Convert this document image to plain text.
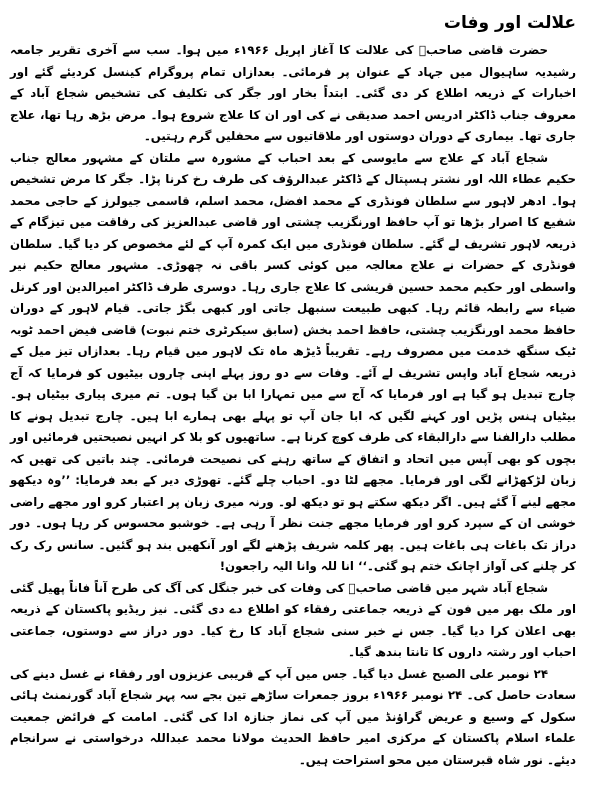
علالت اور وفات

حضرت قاضی صاحبؒ کی علالت کا آغاز اپریل ۱۹۶۶ء میں ہوا۔ سب سے آخری تقریر جامعہ رشیدیہ ساہیوال میں جہاد کے عنوان پر فرمائی۔ بعدازاں تمام پروگرام کینسل کردیئے گئے اور اخبارات کے ذریعہ اطلاع کر دی گئی۔ ابتداً بخار اور جگر کی تکلیف کی تشخیص شجاع آباد کے معروف جناب ڈاکٹر ادریس احمد صدیقی نے کی اور ان کا علاج شروع ہوا۔ مرض بڑھ رہا تھا، علاج جاری تھا۔ بیماری کے دوران دوستوں اور ملاقاتیوں سے محفلیں گرم رہتیں۔

شجاع آباد کے علاج سے مایوسی کے بعد احباب کے مشورہ سے ملتان کے مشہور معالج جناب حکیم عطاء اللہ اور نشتر ہسپتال کے ڈاکٹر عبدالرؤف کی طرف رخ کرنا پڑا۔ جگر کا مرض تشخیص ہوا۔ ادھر لاہور سے سلطان فونڈری کے محمد افضل، محمد اسلم، قاسمی جیولرز کے حاجی محمد شفیع کا اصرار بڑھا تو آپ حافظ اورنگزیب چشتی اور قاضی عبدالعزیز کی رفاقت میں تیزگام کے ذریعہ لاہور تشریف لے گئے۔ سلطان فونڈری میں ایک کمرہ آپ کے لئے مخصوص کر دیا گیا۔ سلطان فونڈری کے حضرات نے علاج معالجہ میں کوئی کسر باقی نہ چھوڑی۔ مشہور معالج حکیم نیر واسطی اور حکیم محمد حسین قریشی کا علاج جاری رہا۔ دوسری طرف ڈاکٹر امیرالدین اور کرنل ضیاء سے رابطہ قائم رہا۔ کبھی طبیعت سنبھل جاتی اور کبھی بگڑ جاتی۔ قیام لاہور کے دوران حافظ محمد اورنگزیب چشتی، حافظ احمد بخش (سابق سیکرٹری ختم نبوت) قاضی فیض احمد ٹوبہ ٹیک سنگھ خدمت میں مصروف رہے۔ تقریباً ڈیڑھ ماہ تک لاہور میں قیام رہا۔ بعدازاں تیز میل کے ذریعہ شجاع آباد واپس تشریف لے آئے۔ وفات سے دو روز پہلے اپنی چاروں بیٹیوں کو فرمایا کہ آج چارج تبدیل ہو گیا ہے اور فرمایا کہ آج سے میں تمہارا ابا بن گیا ہوں۔ تم میری پیاری بیٹیاں ہو۔ بیٹیاں ہنس پڑیں اور کہنے لگیں کہ ابا جان آپ تو پہلے بھی ہمارے ابا ہیں۔ چارج تبدیل ہونے کا مطلب دارالفنا سے دارالبقاء کی طرف کوچ کرنا ہے۔ ساتھیوں کو بلا کر انہیں نصیحتیں فرمائیں اور بچوں کو بھی آپس میں اتحاد و اتفاق کے ساتھ رہنے کی نصیحت فرمائی۔ چند باتیں کی تھیں کہ زبان لڑکھڑانے لگی اور فرمایا۔ مجھے لٹا دو۔ احباب چلے گئے۔ تھوڑی دیر کے بعد فرمایا: ’’وہ دیکھو مجھے لینے آ گئے ہیں۔ اگر دیکھ سکتے ہو تو دیکھ لو۔ ورنہ میری زبان پر اعتبار کرو اور مجھے راضی خوشی ان کے سپرد کرو اور فرمایا مجھے جنت نظر آ رہی ہے۔ خوشبو محسوس کر رہا ہوں۔ دور دراز تک باغات ہی باغات ہیں۔ پھر کلمہ شریف پڑھنے لگے اور آنکھیں بند ہو گئیں۔ سانس رک رک کر چلنے کی آواز اچانک ختم ہو گئی۔‘‘ انا للہ وانا الیہ راجعون!

شجاع آباد شہر میں قاضی صاحبؒ کی وفات کی خبر جنگل کی آگ کی طرح آناً فاناً پھیل گئی اور ملک بھر میں فون کے ذریعہ جماعتی رفقاء کو اطلاع دے دی گئی۔ نیز ریڈیو پاکستان کے ذریعہ بھی اعلان کرا دیا گیا۔ جس نے خبر سنی شجاع آباد کا رخ کیا۔ دور دراز سے دوستوں، جماعتی احباب اور رشتہ داروں کا تانتا بندھ گیا۔

۲۴ نومبر علی الصبح غسل دیا گیا۔ جس میں آپ کے قریبی عزیزوں اور رفقاء نے غسل دینے کی سعادت حاصل کی۔ ۲۴ نومبر ۱۹۶۶ء بروز جمعرات ساڑھے تین بجے سہ پہر شجاع آباد گورنمنٹ ہائی سکول کے وسیع و عریض گراؤنڈ میں آپ کی نماز جنازہ ادا کی گئی۔ امامت کے فرائض جمعیت علماء اسلام پاکستان کے مرکزی امیر حافظ الحدیث مولانا محمد عبداللہ درخواستی نے سرانجام دیئے۔ نور شاہ قبرستان میں محو استراحت ہیں۔
